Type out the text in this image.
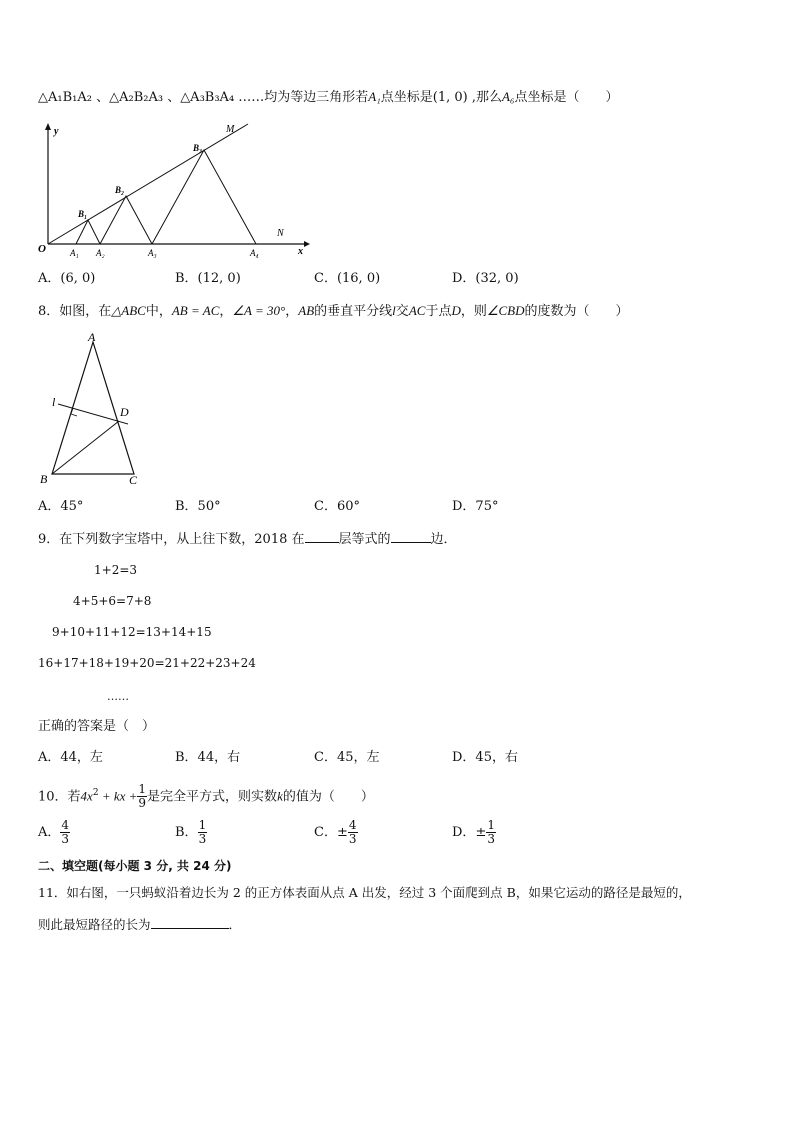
△A₁B₁A₂ 、△A₂B₂A₃ 、△A₃B₃A₄ ……均为等边三角形若A₁点坐标是(1, 0) ,那么A₆点坐标是（　　）
O
y
x
M
N
B₁
B₂
B₃
A₁ A₂	A₃	A₄
A．(6, 0)	B．(12, 0)	C．(16, 0)	D．(32, 0)
8．如图，在△ABC中，AB = AC，∠A = 30°，AB的垂直平分线l交AC于点D，则∠CBD的度数为（　　）
A
B	C
D
l
A．45°	B．50°	C．60°	D．75°
9．在下列数字宝塔中，从上往下数，2018 在	层等式的	边．
1+2=3
4+5+6=7+8
9+10+11+12=13+14+15
16+17+18+19+20=21+22+23+24
……
正确的答案是（　）
A．44，左	B．44，右	C．45，左	D．45，右
10．若$4x^2$ + kx + $\frac{1}{9}$ 是完全平方式，则实数k的值为（　　）
A． $\frac{4}{3}$	B． $\frac{1}{3}$	C．± $\frac{4}{3}$	D．± $\frac{1}{3}$
二、填空题(每小题 3 分, 共 24 分)
11．如右图，一只蚂蚁沿着边长为 2 的正方体表面从点 A 出发，经过 3 个面爬到点 B，如果它运动的路径是最短的，
则此最短路径的长为	．
